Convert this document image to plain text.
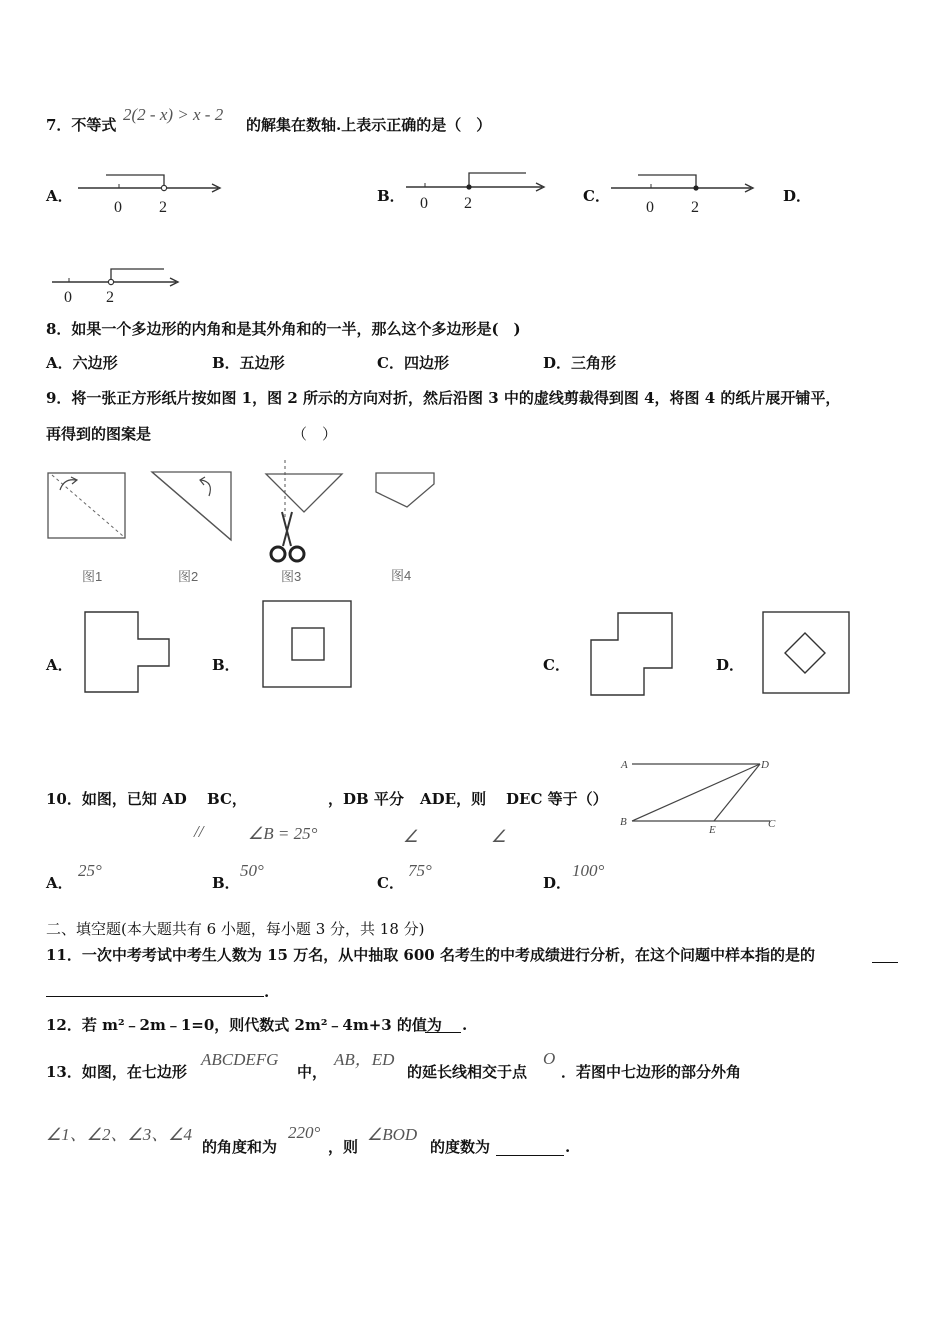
7．不等式
2(2 - x) > x - 2
的解集在数轴.上表示正确的是（　）
A．
0 2
B． 0 2	C．
0 2
D．
0 2
8．如果一个多边形的内角和是其外角和的一半，那么这个多边形是(　)
A．六边形	B．五边形	C．四边形	D．三角形
9．将一张正方形纸片按如图 1，图 2 所示的方向对折，然后沿图 3 中的虚线剪裁得到图 4，将图 4 的纸片展开铺平，
再得到的图案是	（　）
图1	图2	图3	图4
A．	B．	C．	D．
10．如图，已知 AD BC，	，DB 平分 ADE，则 DEC 等于（）
//	∠B = 25°	∠	∠
A	D
B
E	C
A．
25°
B．
50°
C．
75°
D．
100°
二、填空题(本大题共有 6 小题，每小题 3 分，共 18 分)
11．一次中考考试中考生人数为 15 万名，从中抽取 600 名考生的中考成绩进行分析，在这个问题中样本指的是的
.
12．若 m²﹣2m﹣1=0，则代数式 2m²﹣4m+3 的值为 .
13．如图，在七边形
ABCDEFG
中，
AB，ED
的延长线相交于点
O
．若图中七边形的部分外角
∠1、∠2、∠3、∠4
的角度和为
220°
，则
∠BOD
的度数为	.
